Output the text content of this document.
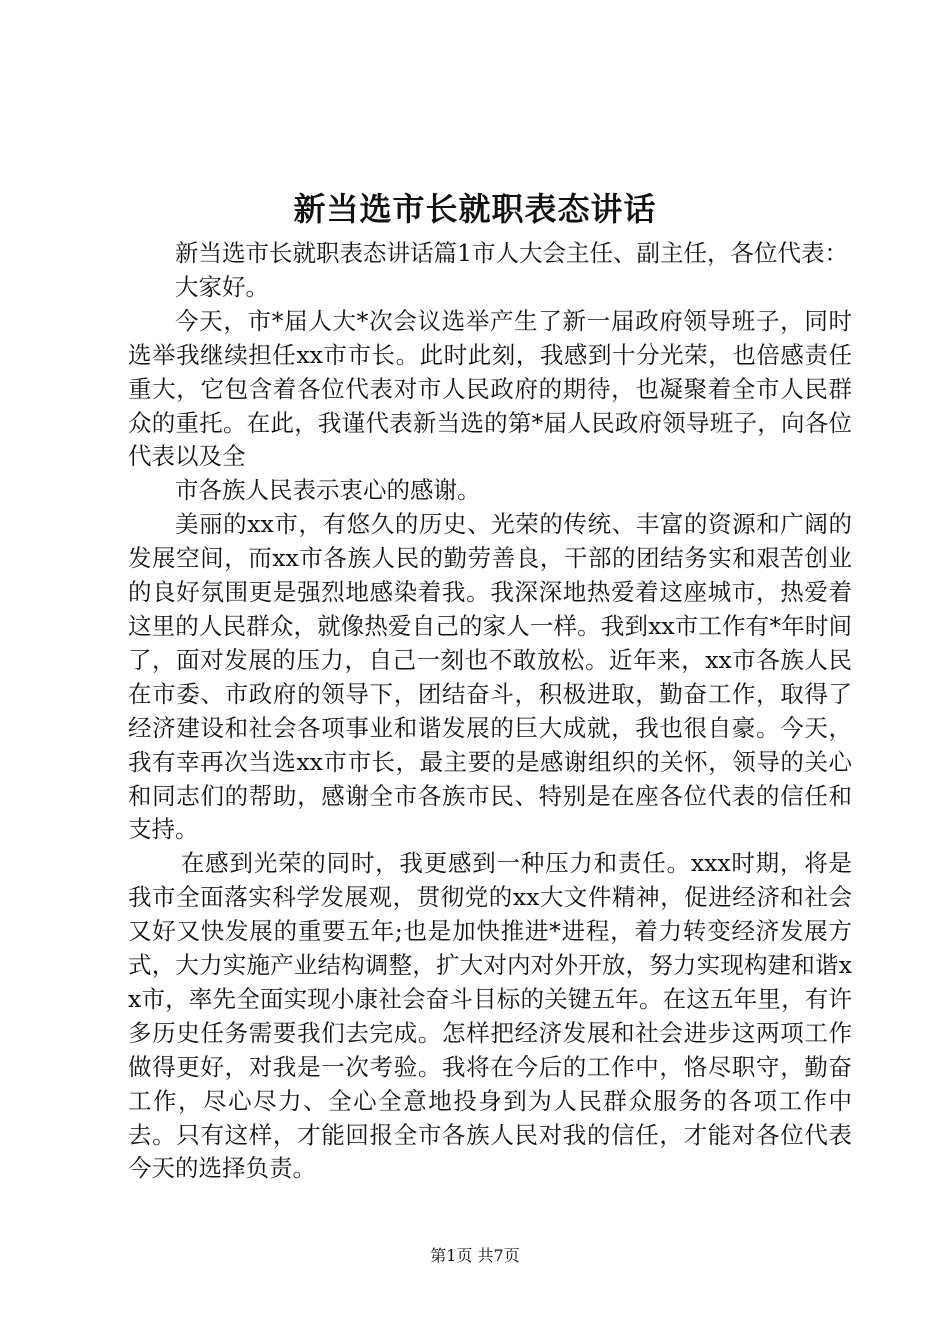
新当选市长就职表态讲话

新当选市长就职表态讲话篇1市人大会主任、副主任，各位代表：

大家好。

今天，市*届人大*次会议选举产生了新一届政府领导班子，同时选举我继续担任xx市市长。此时此刻，我感到十分光荣，也倍感责任重大，它包含着各位代表对市人民政府的期待，也凝聚着全市人民群众的重托。在此，我谨代表新当选的第*届人民政府领导班子，向各位代表以及全

市各族人民表示衷心的感谢。

美丽的xx市，有悠久的历史、光荣的传统、丰富的资源和广阔的发展空间，而xx市各族人民的勤劳善良，干部的团结务实和艰苦创业的良好氛围更是强烈地感染着我。我深深地热爱着这座城市，热爱着这里的人民群众，就像热爱自己的家人一样。我到xx市工作有*年时间了，面对发展的压力，自己一刻也不敢放松。近年来，xx市各族人民在市委、市政府的领导下，团结奋斗，积极进取，勤奋工作，取得了经济建设和社会各项事业和谐发展的巨大成就，我也很自豪。今天，我有幸再次当选xx市市长，最主要的是感谢组织的关怀，领导的关心和同志们的帮助，感谢全市各族市民、特别是在座各位代表的信任和支持。

在感到光荣的同时，我更感到一种压力和责任。xxx时期，将是我市全面落实科学发展观，贯彻党的xx大文件精神，促进经济和社会又好又快发展的重要五年;也是加快推进*进程，着力转变经济发展方式，大力实施产业结构调整，扩大对内对外开放，努力实现构建和谐xx市，率先全面实现小康社会奋斗目标的关键五年。在这五年里，有许多历史任务需要我们去完成。怎样把经济发展和社会进步这两项工作做得更好，对我是一次考验。我将在今后的工作中，恪尽职守，勤奋工作，尽心尽力、全心全意地投身到为人民群众服务的各项工作中去。只有这样，才能回报全市各族人民对我的信任，才能对各位代表今天的选择负责。

第1页 共7页
